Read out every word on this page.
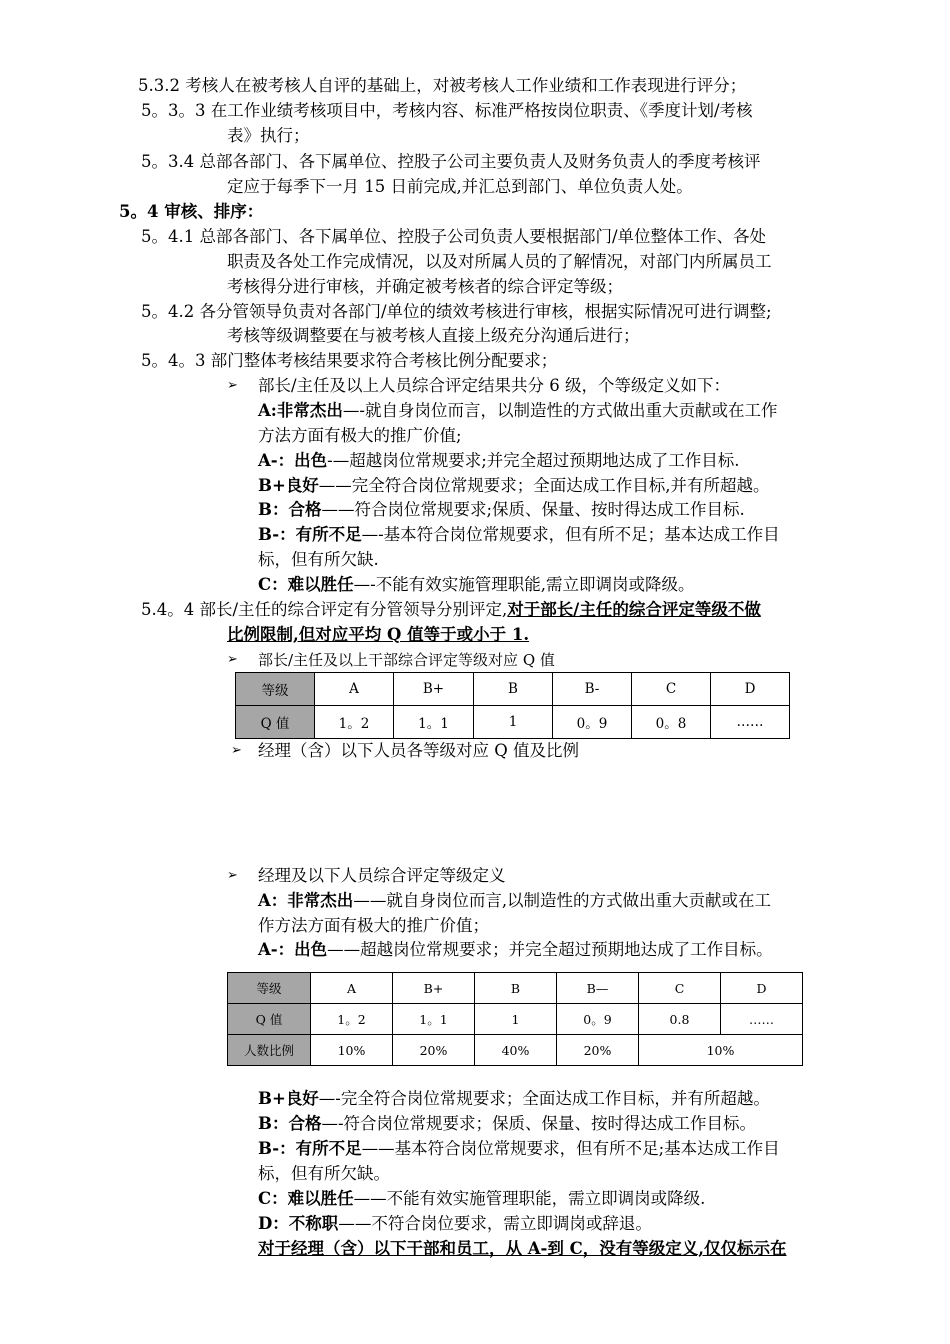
5.3.2 考核人在被考核人自评的基础上，对被考核人工作业绩和工作表现进行评分；
5。3。3 在工作业绩考核项目中，考核内容、标准严格按岗位职责、《季度计划/考核
表》执行；
5。3.4 总部各部门、各下属单位、控股子公司主要负责人及财务负责人的季度考核评
定应于每季下一月 15 日前完成,并汇总到部门、单位负责人处。
5。4 审核、排序：
5。4.1 总部各部门、各下属单位、控股子公司负责人要根据部门/单位整体工作、各处
职责及各处工作完成情况，以及对所属人员的了解情况，对部门内所属员工
考核得分进行审核，并确定被考核者的综合评定等级；
5。4.2 各分管领导负责对各部门/单位的绩效考核进行审核，根据实际情况可进行调整;
考核等级调整要在与被考核人直接上级充分沟通后进行；
5。4。3 部门整体考核结果要求符合考核比例分配要求；
➢ 部长/主任及以上人员综合评定结果共分 6 级，个等级定义如下：
A:非常杰出—-就自身岗位而言，以制造性的方式做出重大贡献或在工作
方法方面有极大的推广价值;
A-：出色-—超越岗位常规要求;并完全超过预期地达成了工作目标.
B+良好——完全符合岗位常规要求；全面达成工作目标,并有所超越。
B：合格——符合岗位常规要求;保质、保量、按时得达成工作目标.
B-：有所不足—-基本符合岗位常规要求，但有所不足；基本达成工作目
标，但有所欠缺.
C：难以胜任—-不能有效实施管理职能,需立即调岗或降级。
5.4。4 部长/主任的综合评定有分管领导分别评定,对于部长/主任的综合评定等级不做
比例限制,但对应平均 Q 值等于或小于 1.
➢ 部长/主任及以上干部综合评定等级对应 Q 值
等级	A	B+	B	B-	C	D
Q 值	1。2	1。1	1	0。9	0。8	……
➢ 经理（含）以下人员各等级对应 Q 值及比例
➢ 经理及以下人员综合评定等级定义
A：非常杰出——就自身岗位而言,以制造性的方式做出重大贡献或在工
作方法方面有极大的推广价值；
A-：出色——超越岗位常规要求；并完全超过预期地达成了工作目标。
等级	A	B+	B	B—	C	D
Q 值	1。2	1。1	1	0。9	0.8	……
人数比例	10%	20%	40%	20%	10%	
B+良好—-完全符合岗位常规要求；全面达成工作目标，并有所超越。
B：合格—-符合岗位常规要求；保质、保量、按时得达成工作目标。
B-：有所不足——基本符合岗位常规要求，但有所不足;基本达成工作目
标，但有所欠缺。
C：难以胜任——不能有效实施管理职能，需立即调岗或降级.
D：不称职——不符合岗位要求，需立即调岗或辞退。
对于经理（含）以下干部和员工，从 A-到 C，没有等级定义,仅仅标示在
